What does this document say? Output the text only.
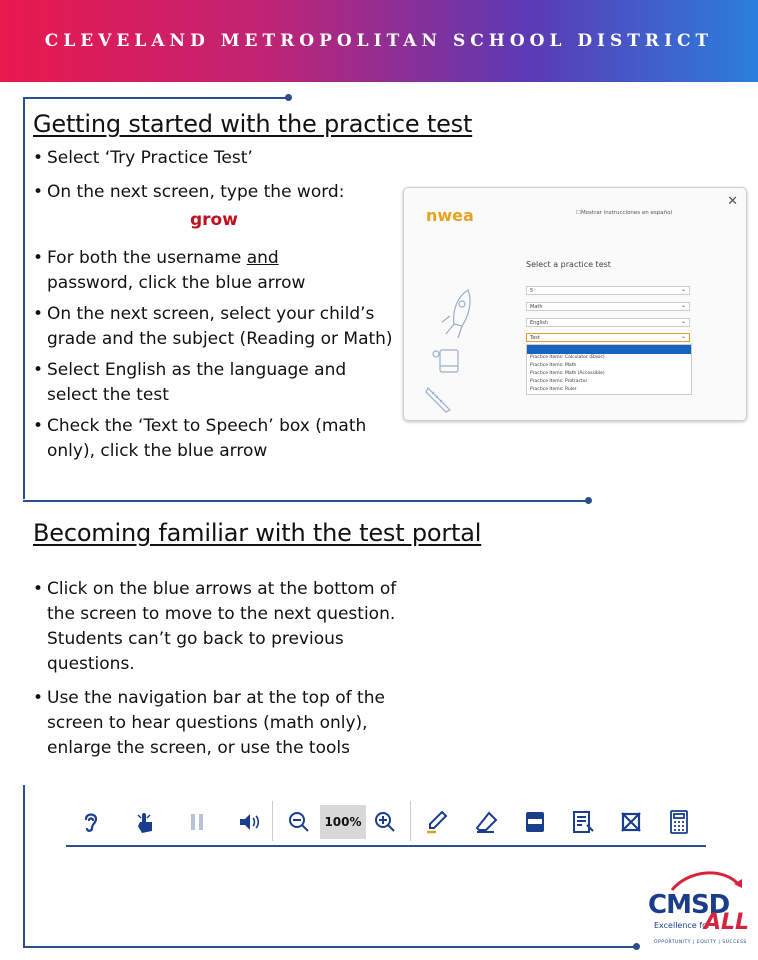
CLEVELAND METROPOLITAN SCHOOL DISTRICT
Getting started with the practice test
• Select ‘Try Practice Test’
• On the next screen, type the word:
• For both the username and password, click the blue arrow
• On the next screen, select your child’s grade and the subject (Reading or Math)
• Select English as the language and select the test
• Check the ‘Text to Speech’ box (math only), click the blue arrow
grow	nwea
✕
☐Mostrar instrucciones en español
Select a practice test
5 ⌄
Math ⌄
English ⌄
Test ⌄
Practice Items: Calculator (Basic)
Practice Items: Math
Practice Items: Math (Accessible)
Practice Items: Protractor
Practice Items: Ruler
Becoming familiar with the test portal
• Click on the blue arrows at the bottom of the screen to move to the next question. Students can’t go back to previous questions.
• Use the navigation bar at the top of the screen to hear questions (math only), enlarge the screen, or use the tools
100%
CMSD
Excellence for
ALL
OPPORTUNITY | EQUITY | SUCCESS
